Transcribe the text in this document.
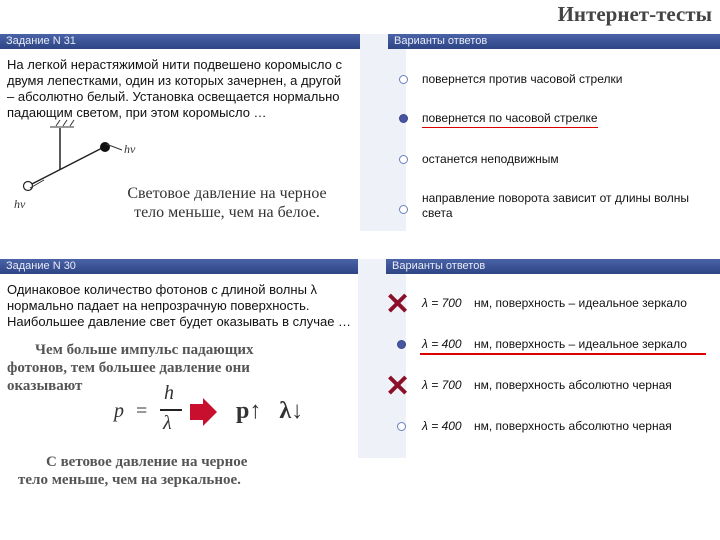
Интернет-тесты
Задание N 31	Варианты ответов
На легкой нерастяжимой нити подвешено коромысло с
двумя лепестками, один из которых зачернен, а другой
– абсолютно белый. Установка освещается нормально
падающим светом, при этом коромысло …
hν
hν
Световое давление на черное
тело меньше, чем на белое.
повернется против часовой стрелки
повернется по часовой стрелке
останется неподвижным
направление поворота зависит от длины волны
света
Задание N 30	Варианты ответов
Одинаковое количество фотонов с длиной волны λ
нормально падает на непрозрачную поверхность.
Наибольшее давление свет будет оказывать в случае …
Чем больше импульс падающих
фотонов, тем большее давление они
оказывают
p =
h
λ	p↑   λ↓
С ветовое давление на черное
тело меньше, чем на зеркальное.
✕ λ = 700 нм, поверхность – идеальное зеркало
λ = 400 нм, поверхность – идеальное зеркало
✕ λ = 700 нм, поверхность абсолютно черная
λ = 400 нм, поверхность абсолютно черная
